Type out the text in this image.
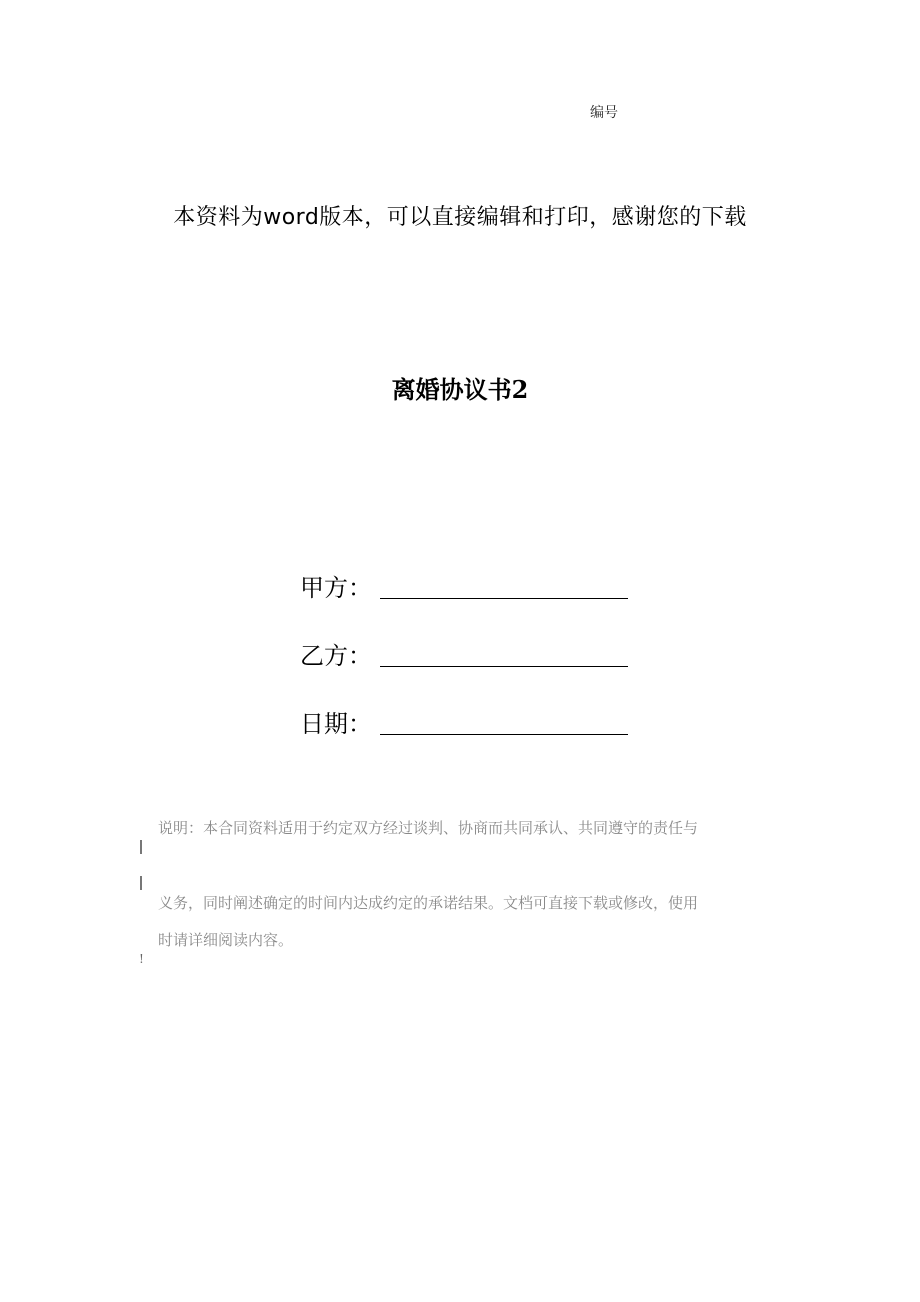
编号
本资料为word版本，可以直接编辑和打印，感谢您的下载
离婚协议书2
甲方：
乙方：
日期：
!
说明：本合同资料适用于约定双方经过谈判、协商而共同承认、共同遵守的责任与
义务，同时阐述确定的时间内达成约定的承诺结果。文档可直接下载或修改，使用
时请详细阅读内容。
